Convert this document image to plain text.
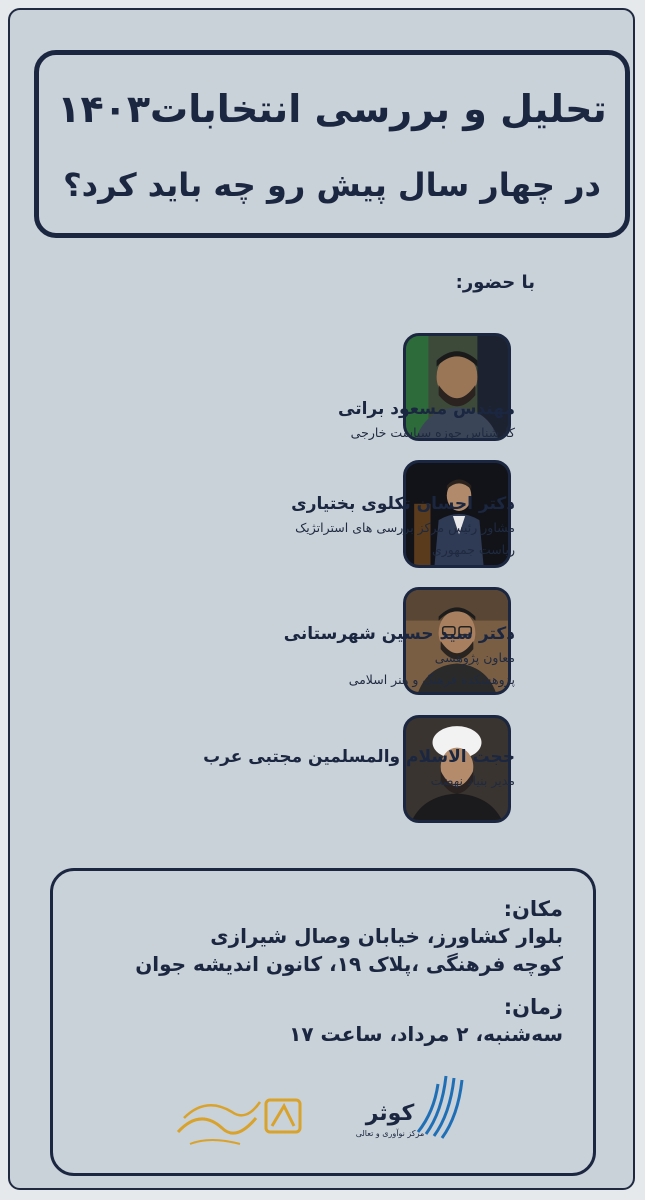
تحلیل و بررسی انتخابات۱۴۰۳
در چهار سال پیش رو چه باید کرد؟
با حضور:
مهندس مسعود براتی
کارشناس حوزه سیاست خارجی
دکتر احسان تکلوی بختیاری
مشاور رئیس مرکز بررسی های استراتژیک
ریاست جمهوری
دکتر سید حسین شهرستانی
معاون پژوهشی
پژوهشکده فرهنگ و هنر اسلامی
حجت الاسلام والمسلمین مجتبی عرب
مدیر بنیاد نهضت
مکان:
بلوار کشاورز، خیابان وصال شیرازی
کوچه فرهنگی ،پلاک ۱۹، کانون اندیشه جوان
زمان:
سه‌شنبه، ۲ مرداد، ساعت ۱۷
کوثر
مرکز نوآوری و تعالی
